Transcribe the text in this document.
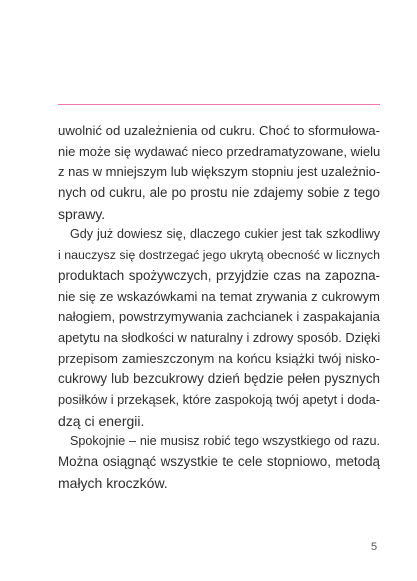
uwolnić od uzależnienia od cukru. Choć to sformułowa-
nie może się wydawać nieco przedramatyzowane, wielu
z nas w mniejszym lub większym stopniu jest uzależnio-
nych od cukru, ale po prostu nie zdajemy sobie z tego
sprawy.
Gdy już dowiesz się, dlaczego cukier jest tak szkodliwy
i nauczysz się dostrzegać jego ukrytą obecność w licznych
produktach spożywczych, przyjdzie czas na zapozna-
nie się ze wskazówkami na temat zrywania z cukrowym
nałogiem, powstrzymywania zachcianek i zaspakajania
apetytu na słodkości w naturalny i zdrowy sposób. Dzięki
przepisom zamieszczonym na końcu książki twój nisko-
cukrowy lub bezcukrowy dzień będzie pełen pysznych
posiłków i przekąsek, które zaspokoją twój apetyt i doda-
dzą ci energii.
Spokojnie – nie musisz robić tego wszystkiego od razu.
Można osiągnąć wszystkie te cele stopniowo, metodą
małych kroczków.
5
